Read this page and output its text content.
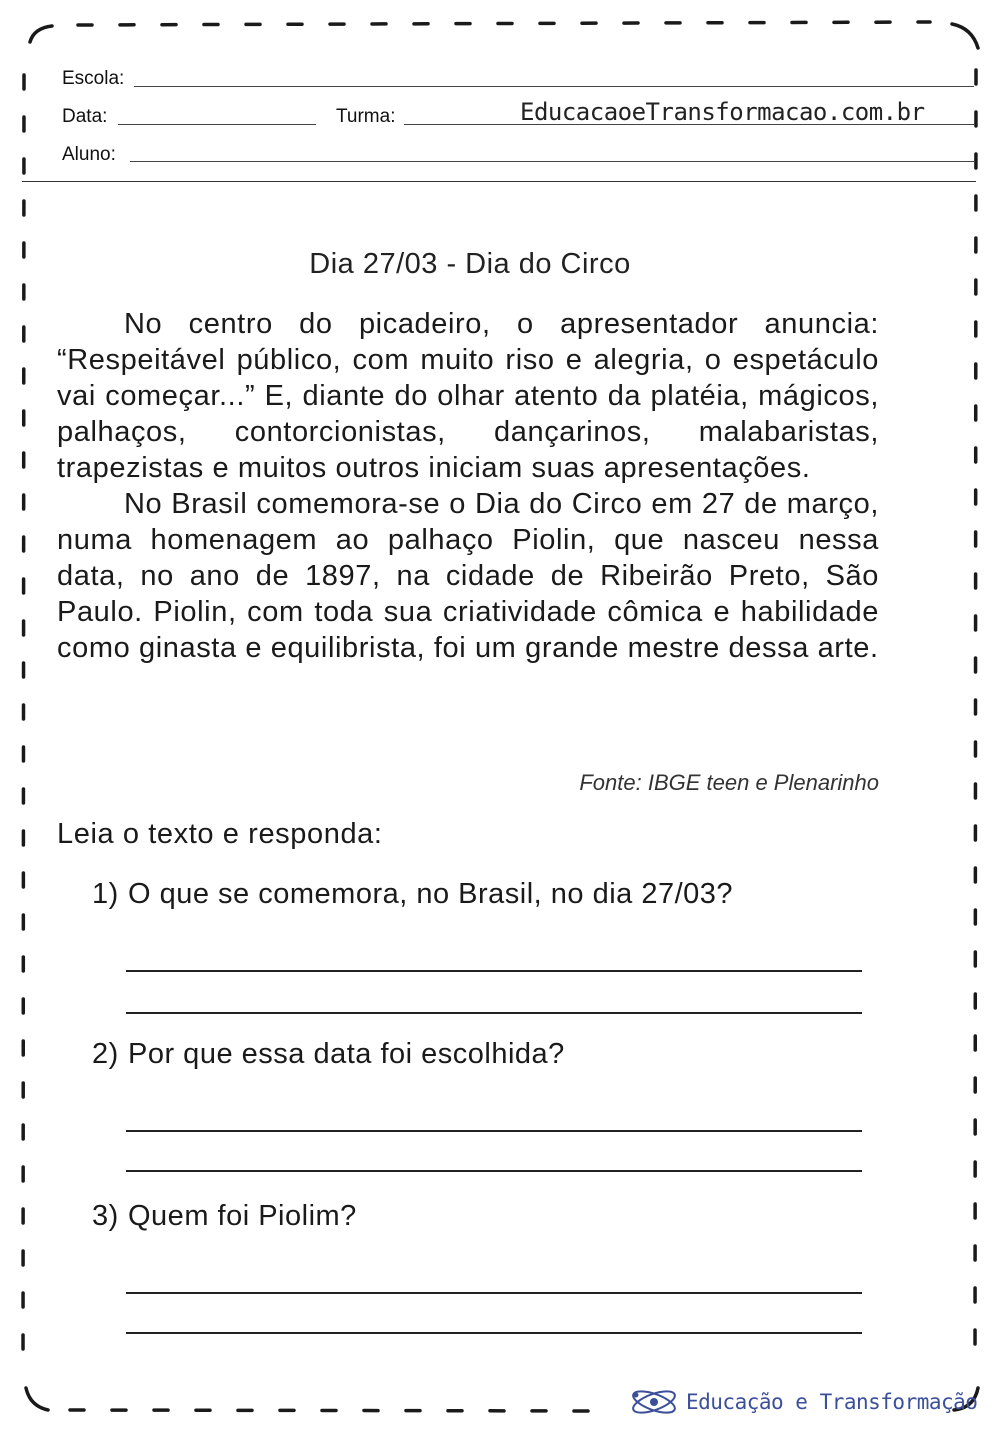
Escola:
Data:	Turma:	EducacaoeTransformacao.com.br
Aluno:
Dia 27/03 - Dia do Circo

No centro do picadeiro, o apresentador anuncia: “Respeitável público, com muito riso e alegria, o espetáculo vai começar...” E, diante do olhar atento da platéia, mágicos, palhaços, contorcionistas, dançarinos, malabaristas, trapezistas e muitos outros iniciam suas apresentações.

No Brasil comemora-se o Dia do Circo em 27 de março, numa homenagem ao palhaço Piolin, que nasceu nessa data, no ano de 1897, na cidade de Ribeirão Preto, São Paulo. Piolin, com toda sua criatividade cômica e habilidade como ginasta e equilibrista, foi um grande mestre dessa arte.

Fonte: IBGE teen e Plenarinho
Leia o texto e responda:
1) O que se comemora, no Brasil, no dia 27/03?
2) Por que essa data foi escolhida?
3) Quem foi Piolim?
Educação e Transformação
